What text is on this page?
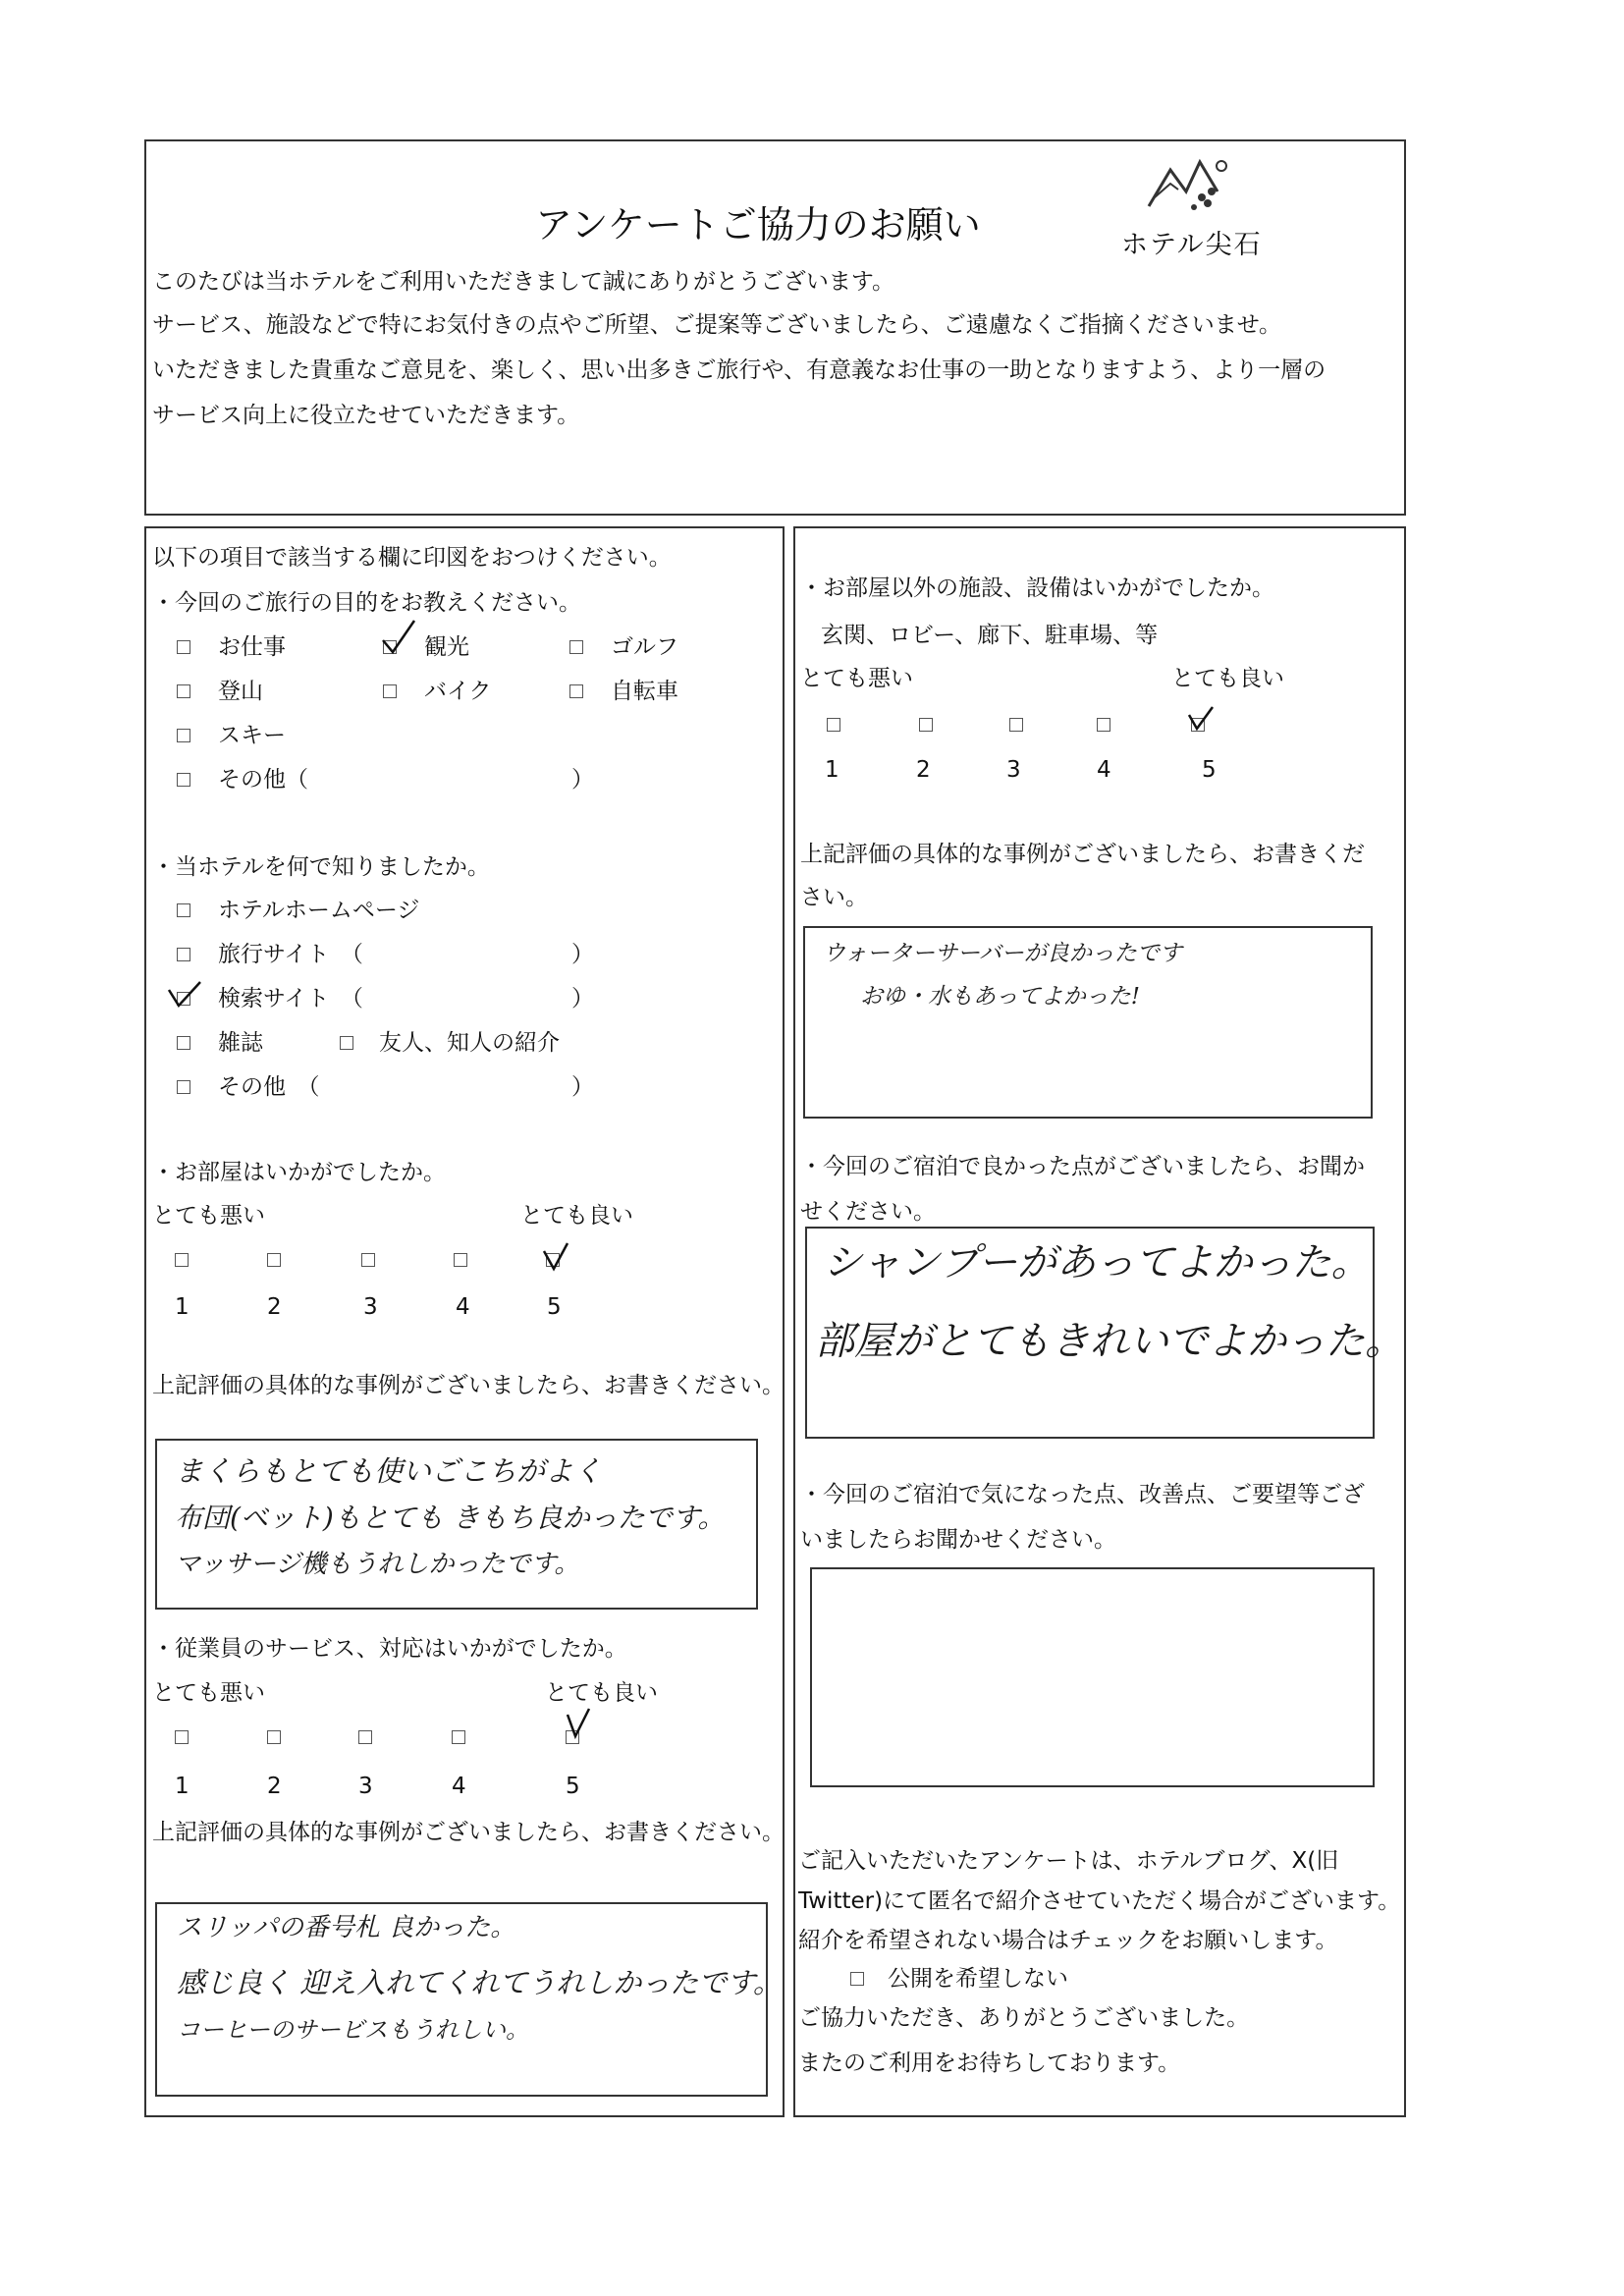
アンケートご協力のお願い	ホテル尖石
このたびは当ホテルをご利用いただきまして誠にありがとうございます。
サービス、施設などで特にお気付きの点やご所望、ご提案等ございましたら、ご遠慮なくご指摘くださいませ。
いただきました貴重なご意見を、楽しく、思い出多きご旅行や、有意義なお仕事の一助となりますよう、より一層の
サービス向上に役立たせていただきます。
以下の項目で該当する欄に印図をおつけください。
・今回のご旅行の目的をお教えください。
お仕事	観光	ゴルフ
登山	バイク	自転車
スキー
その他（	）
・当ホテルを何で知りましたか。
ホテルホームページ
旅行サイト　（	）
検索サイト　（	）
雑誌	友人、知人の紹介
その他　（	）
・お部屋はいかがでしたか。
とても悪い	とても良い
1	2	3	4	5
上記評価の具体的な事例がございましたら、お書きください。
まくらもとても使いごこちがよく
布団(ベット)もとても きもち良かったです。
マッサージ機もうれしかったです。
・従業員のサービス、対応はいかがでしたか。
とても悪い	とても良い
1	2	3	4	5
上記評価の具体的な事例がございましたら、お書きください。
スリッパの番号札 良かった。
感じ良く 迎え入れてくれてうれしかったです。
コーヒーのサービスもうれしい。
・お部屋以外の施設、設備はいかがでしたか。
玄関、ロビー、廊下、駐車場、等
とても悪い	とても良い
1	2	3	4	5
上記評価の具体的な事例がございましたら、お書きくだ
さい。
ウォーターサーバーが良かったです
おゆ・水もあってよかった!
・今回のご宿泊で良かった点がございましたら、お聞か
せください。
シャンプーがあってよかった。
部屋がとてもきれいでよかった。
・今回のご宿泊で気になった点、改善点、ご要望等ござ
いましたらお聞かせください。
ご記入いただいたアンケートは、ホテルブログ、X(旧
Twitter)にて匿名で紹介させていただく場合がございます。
紹介を希望されない場合はチェックをお願いします。
公開を希望しない
ご協力いただき、ありがとうございました。
またのご利用をお待ちしております。
